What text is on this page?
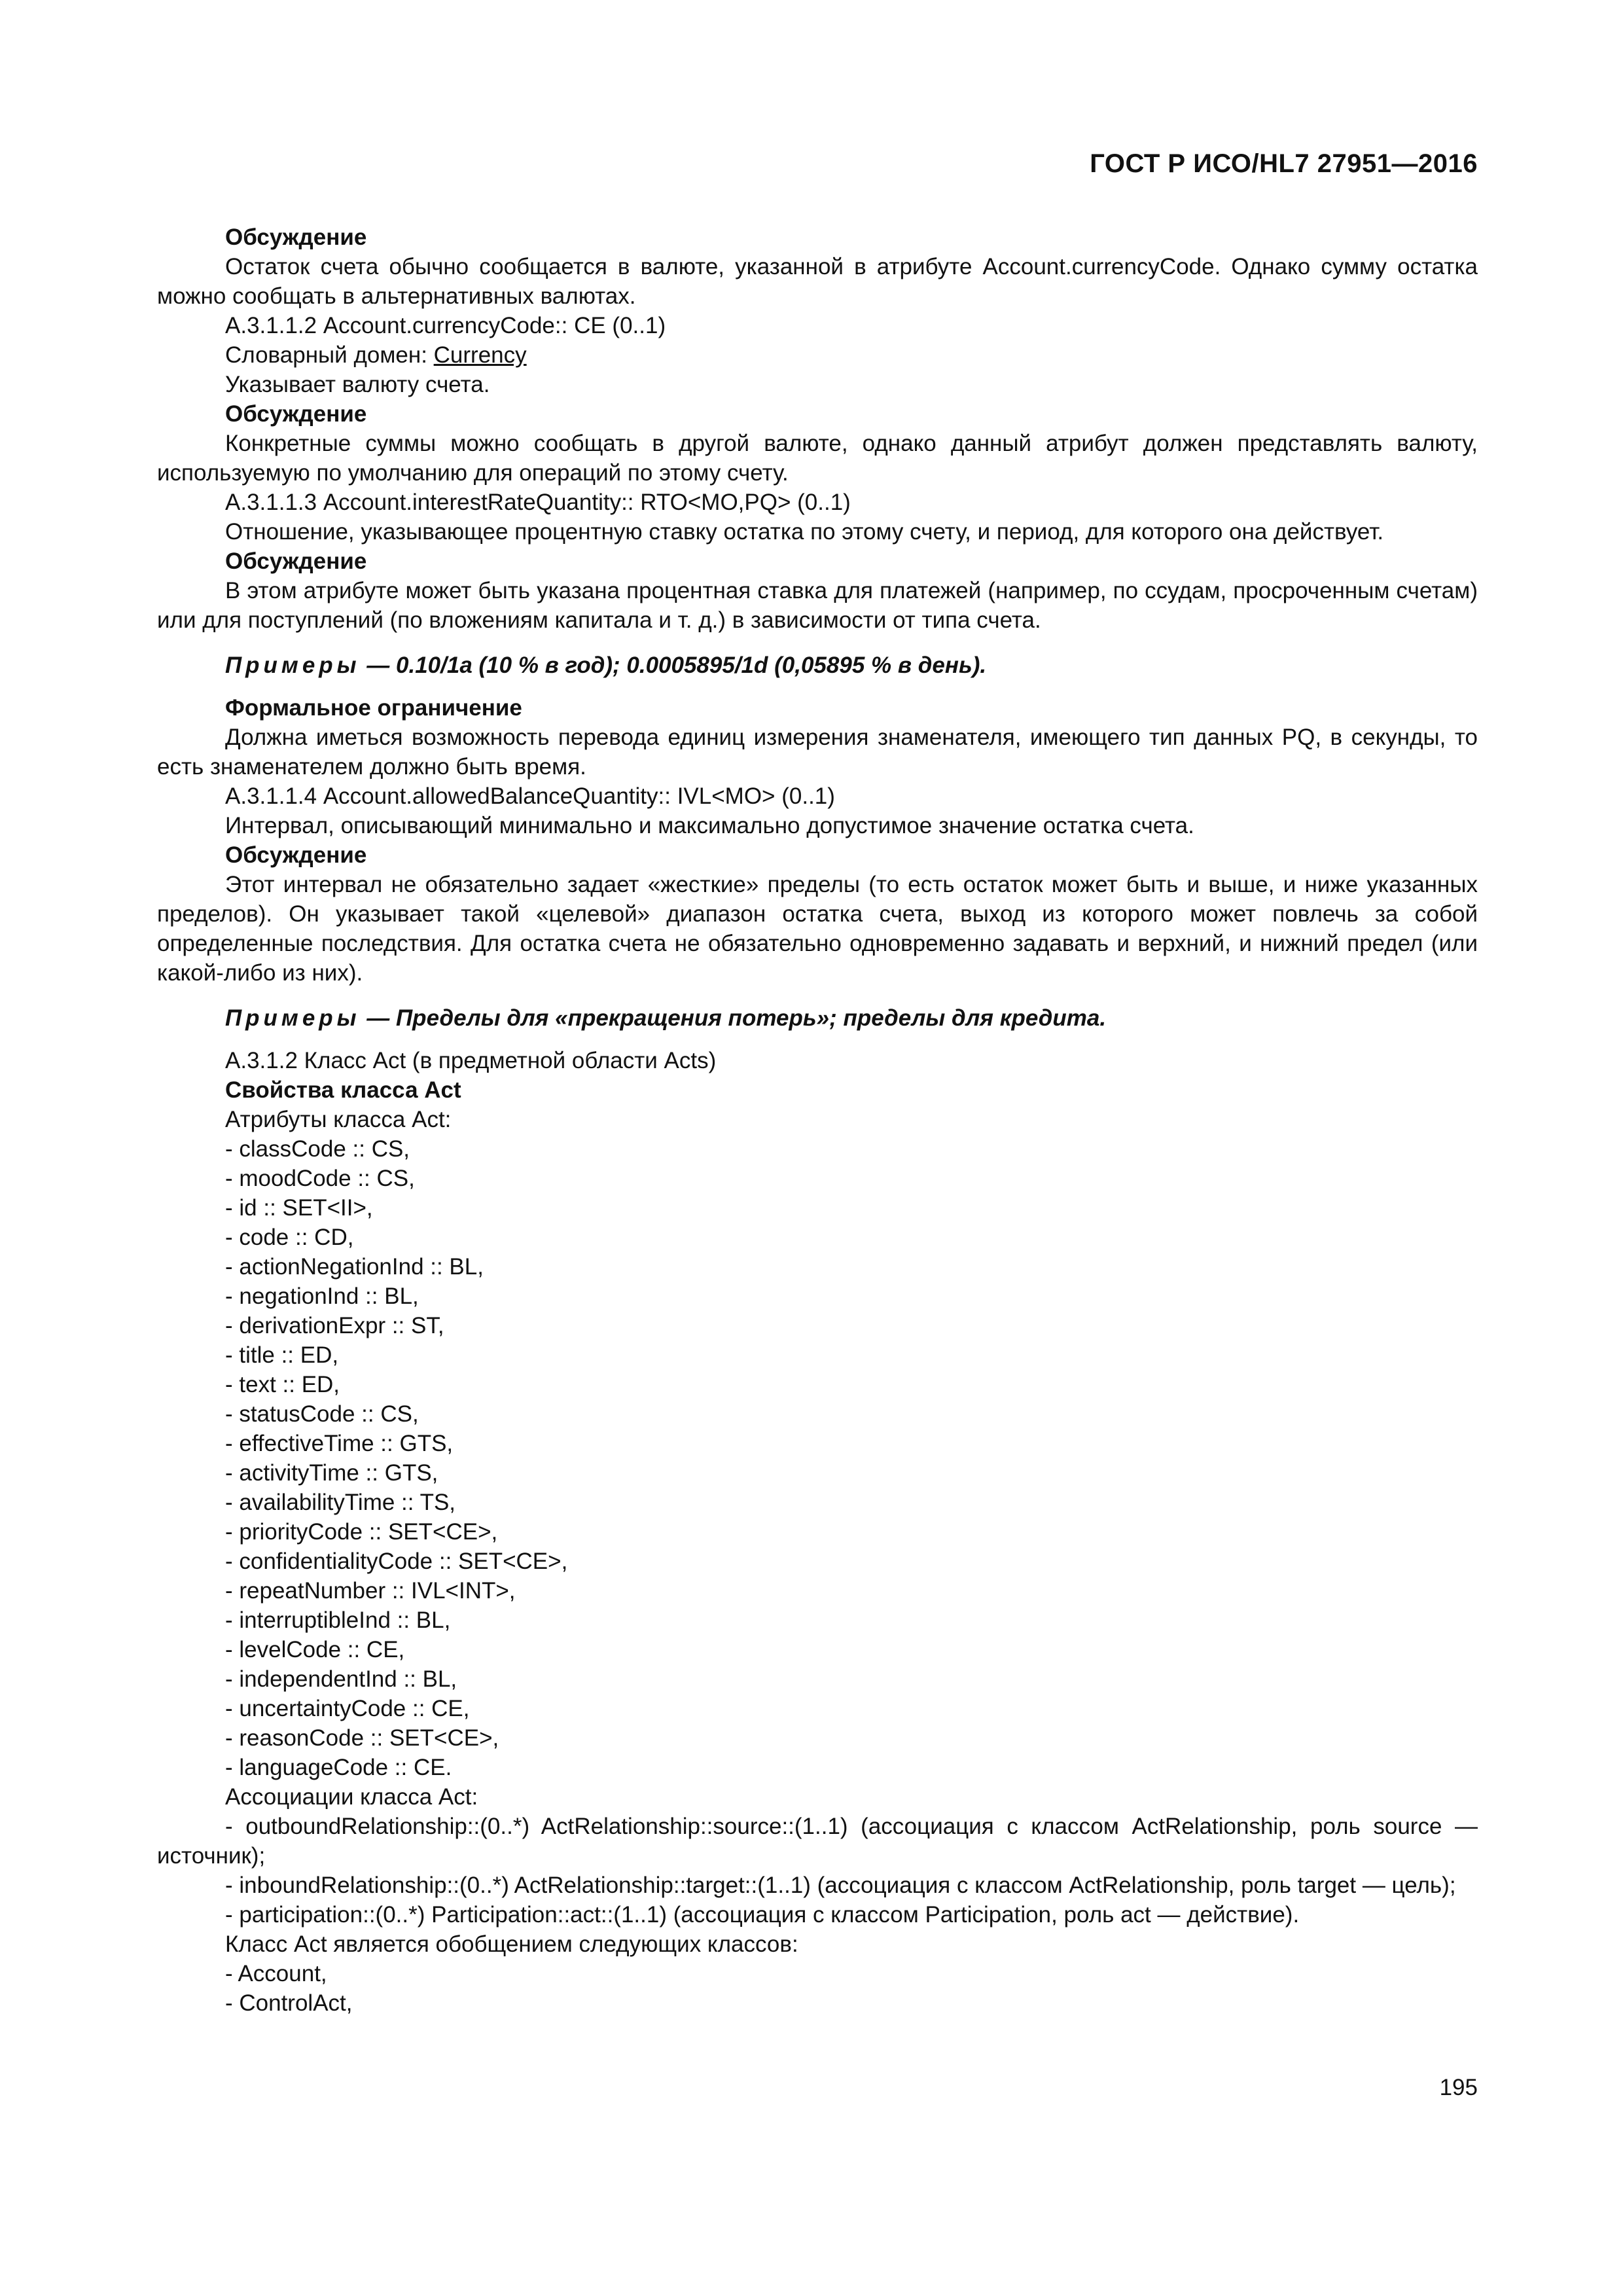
ГОСТ Р ИСО/HL7 27951—2016

Обсуждение

Остаток счета обычно сообщается в валюте, указанной в атрибуте Account.currencyCode. Однако сумму остатка можно сообщать в альтернативных валютах.

А.3.1.1.2 Account.currencyCode:: СЕ (0..1)

Словарный домен: Currency

Указывает валюту счета.

Обсуждение

Конкретные суммы можно сообщать в другой валюте, однако данный атрибут должен представлять валюту, используемую по умолчанию для операций по этому счету.

А.3.1.1.3 Account.interestRateQuantity:: RTO<MO,PQ> (0..1)

Отношение, указывающее процентную ставку остатка по этому счету, и период, для которого она действует.

Обсуждение

В этом атрибуте может быть указана процентная ставка для платежей (например, по ссудам, просроченным счетам) или для поступлений (по вложениям капитала и т. д.) в зависимости от типа счета.

Примеры — 0.10/1a (10 % в год); 0.0005895/1d (0,05895 % в день).

Формальное ограничение

Должна иметься возможность перевода единиц измерения знаменателя, имеющего тип данных PQ, в секунды, то есть знаменателем должно быть время.

А.3.1.1.4 Account.allowedBalanceQuantity:: IVL<MO> (0..1)

Интервал, описывающий минимально и максимально допустимое значение остатка счета.

Обсуждение

Этот интервал не обязательно задает «жесткие» пределы (то есть остаток может быть и выше, и ниже указанных пределов). Он указывает такой «целевой» диапазон остатка счета, выход из которого может повлечь за собой определенные последствия. Для остатка счета не обязательно одновременно задавать и верхний, и нижний предел (или какой-либо из них).

Примеры — Пределы для «прекращения потерь»; пределы для кредита.

А.3.1.2 Класс Act (в предметной области Acts)

Свойства класса Act

Атрибуты класса Act:

- classCode :: CS,

- moodCode :: CS,

- id :: SET<II>,

- code :: CD,

- actionNegationInd :: BL,

- negationInd :: BL,

- derivationExpr :: ST,

- title :: ED,

- text :: ED,

- statusCode :: CS,

- effectiveTime :: GTS,

- activityTime :: GTS,

- availabilityTime :: TS,

- priorityCode :: SET<CE>,

- confidentialityCode :: SET<CE>,

- repeatNumber :: IVL<INT>,

- interruptibleInd :: BL,

- levelCode :: CE,

- independentInd :: BL,

- uncertaintyCode :: CE,

- reasonCode :: SET<CE>,

- languageCode :: CE.

Ассоциации класса Act:

- outboundRelationship::(0..*) ActRelationship::source::(1..1) (ассоциация с классом ActRelationship, роль source — источник);

- inboundRelationship::(0..*) ActRelationship::target::(1..1) (ассоциация с классом ActRelationship, роль target — цель);

- participation::(0..*) Participation::act::(1..1) (ассоциация с классом Participation, роль act — действие).

Класс Act является обобщением следующих классов:

- Account,

- ControlAct,

195
